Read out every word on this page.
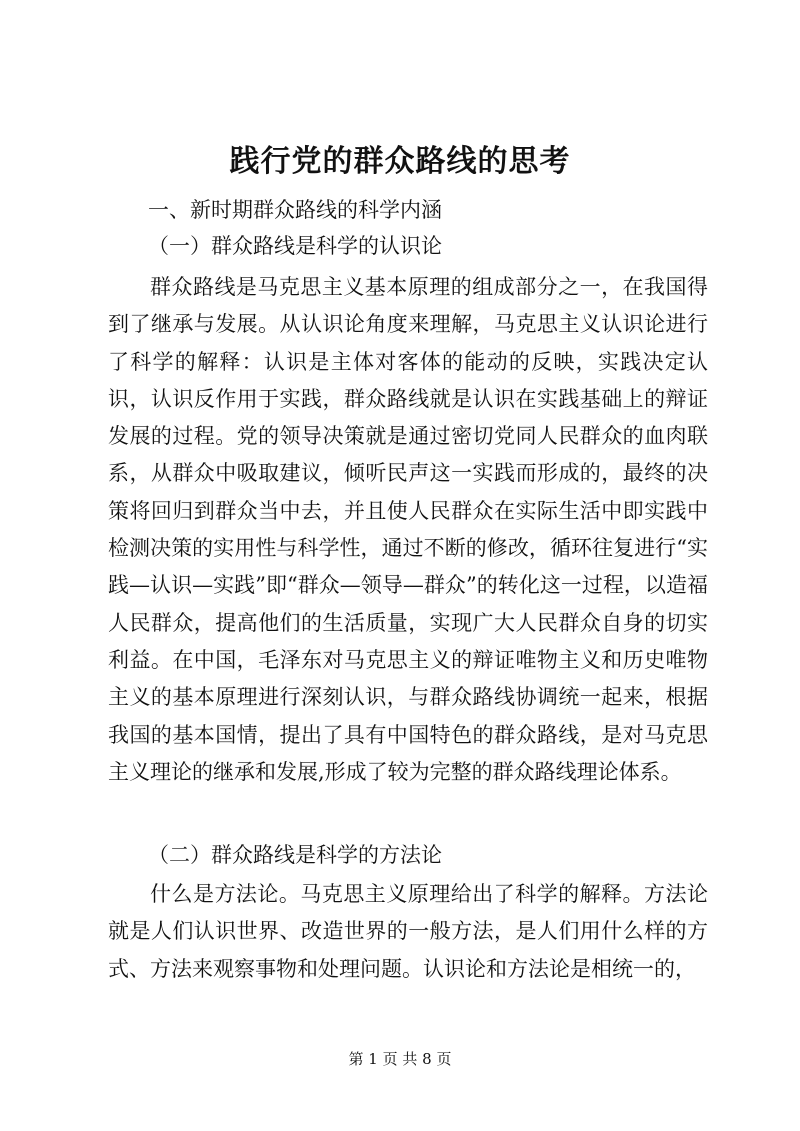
践行党的群众路线的思考

一、新时期群众路线的科学内涵

（一）群众路线是科学的认识论

群众路线是马克思主义基本原理的组成部分之一，在我国得到了继承与发展。从认识论角度来理解，马克思主义认识论进行了科学的解释：认识是主体对客体的能动的反映，实践决定认识，认识反作用于实践，群众路线就是认识在实践基础上的辩证发展的过程。党的领导决策就是通过密切党同人民群众的血肉联系，从群众中吸取建议，倾听民声这一实践而形成的，最终的决策将回归到群众当中去，并且使人民群众在实际生活中即实践中检测决策的实用性与科学性，通过不断的修改，循环往复进行“实践—认识—实践”即“群众—领导—群众”的转化这一过程，以造福人民群众，提高他们的生活质量，实现广大人民群众自身的切实利益。在中国，毛泽东对马克思主义的辩证唯物主义和历史唯物主义的基本原理进行深刻认识，与群众路线协调统一起来，根据我国的基本国情，提出了具有中国特色的群众路线，是对马克思主义理论的继承和发展,形成了较为完整的群众路线理论体系。

（二）群众路线是科学的方法论

什么是方法论。马克思主义原理给出了科学的解释。方法论就是人们认识世界、改造世界的一般方法，是人们用什么样的方式、方法来观察事物和处理问题。认识论和方法论是相统一的，

第 1 页 共 8 页
